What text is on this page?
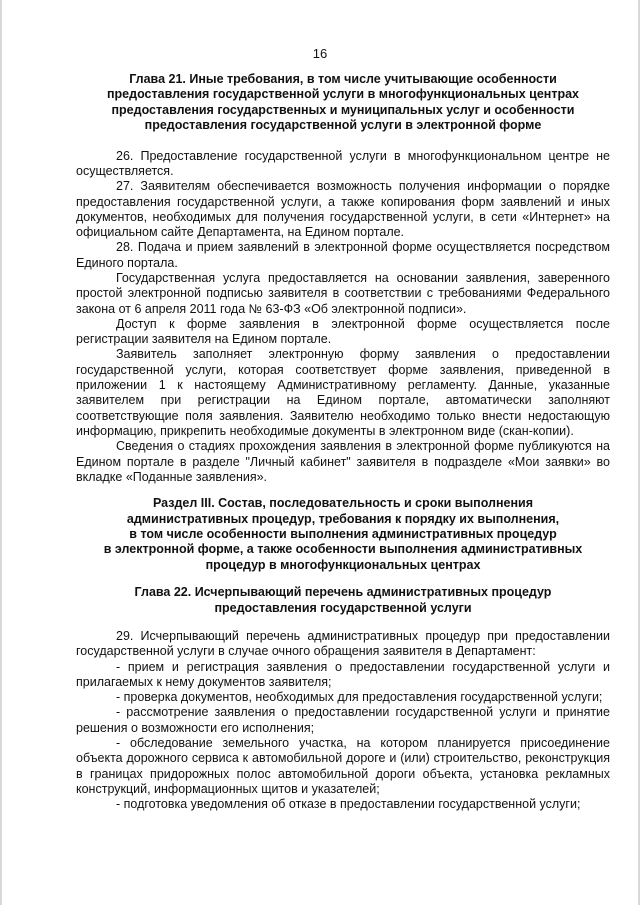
16
Глава 21. Иные требования, в том числе учитывающие особенности
предоставления государственной услуги в многофункциональных центрах
предоставления государственных и муниципальных услуг и особенности
предоставления государственной услуги в электронной форме

26. Предоставление государственной услуги в многофункциональном центре не осуществляется.

27. Заявителям обеспечивается возможность получения информации о порядке предоставления государственной услуги, а также копирования форм заявлений и иных документов, необходимых для получения государственной услуги, в сети «Интернет» на официальном сайте Департамента, на Едином портале.

28. Подача и прием заявлений в электронной форме осуществляется посредством Единого портала.

Государственная услуга предоставляется на основании заявления, заверенного простой электронной подписью заявителя в соответствии с требованиями Федерального закона от 6 апреля 2011 года № 63-ФЗ «Об электронной подписи».

Доступ к форме заявления в электронной форме осуществляется после регистрации заявителя на Едином портале.

Заявитель заполняет электронную форму заявления о предоставлении государственной услуги, которая соответствует форме заявления, приведенной в приложении 1 к настоящему Административному регламенту. Данные, указанные заявителем при регистрации на Едином портале, автоматически заполняют соответствующие поля заявления. Заявителю необходимо только внести недостающую информацию, прикрепить необходимые документы в электронном виде (скан-копии).

Сведения о стадиях прохождения заявления в электронной форме публикуются на Едином портале в разделе "Личный кабинет" заявителя в подразделе «Мои заявки» во вкладке «Поданные заявления».

Раздел III. Состав, последовательность и сроки выполнения
административных процедур, требования к порядку их выполнения,
в том числе особенности выполнения административных процедур
в электронной форме, а также особенности выполнения административных
процедур в многофункциональных центрах
Глава 22. Исчерпывающий перечень административных процедур
предоставления государственной услуги

29. Исчерпывающий перечень административных процедур при предоставлении государственной услуги в случае очного обращения заявителя в Департамент:

- прием и регистрация заявления о предоставлении государственной услуги и прилагаемых к нему документов заявителя;

- проверка документов, необходимых для предоставления государственной услуги;

- рассмотрение заявления о предоставлении государственной услуги и принятие решения о возможности его исполнения;

- обследование земельного участка, на котором планируется присоединение объекта дорожного сервиса к автомобильной дороге и (или) строительство, реконструкция в границах придорожных полос автомобильной дороги объекта, установка рекламных конструкций, информационных щитов и указателей;

- подготовка уведомления об отказе в предоставлении государственной услуги;
